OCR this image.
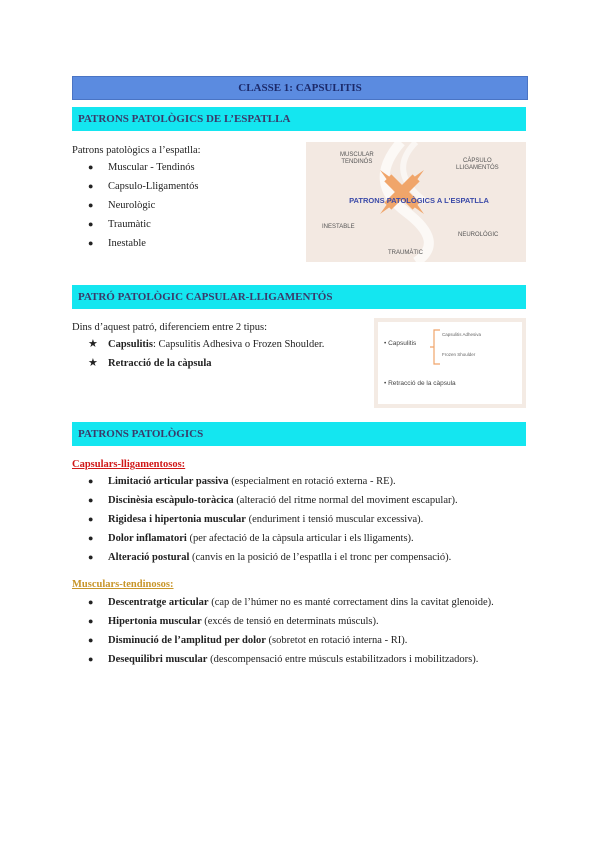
CLASSE 1: CAPSULITIS
PATRONS PATOLÒGICS DE L’ESPATLLA
Patrons patològics a l’espatlla:
● Muscular - Tendinós
● Capsulo-Lligamentós
● Neurològic
● Traumàtic
● Inestable
MUSCULAR
TENDINÓS	CÀPSULO
LLIGAMENTÓS
PATRONS PATOLÒGICS A L'ESPATLLA
INESTABLE
NEUROLÒGIC
TRAUMÀTIC
PATRÓ PATOLÒGIC CAPSULAR-LLIGAMENTÓS
Dins d’aquest patró, diferenciem entre 2 tipus:
★ Capsulitis: Capsulitis Adhesiva o Frozen Shoulder.
★ Retracció de la càpsula
• Capsulitis
Capsulitis Adhesiva
Frozen Shoulder
• Retracció de la càpsula
PATRONS PATOLÒGICS
Capsulars-lligamentosos:
● Limitació articular passiva (especialment en rotació externa - RE).
● Discinèsia escàpulo-toràcica (alteració del ritme normal del moviment escapular).
● Rigidesa i hipertonia muscular (enduriment i tensió muscular excessiva).
● Dolor inflamatori (per afectació de la càpsula articular i els lligaments).
● Alteració postural (canvis en la posició de l’espatlla i el tronc per compensació).
Musculars-tendinosos:
● Descentratge articular (cap de l’húmer no es manté correctament dins la cavitat glenoide).
● Hipertonia muscular (excés de tensió en determinats músculs).
● Disminució de l’amplitud per dolor (sobretot en rotació interna - RI).
● Desequilibri muscular (descompensació entre músculs estabilitzadors i mobilitzadors).
